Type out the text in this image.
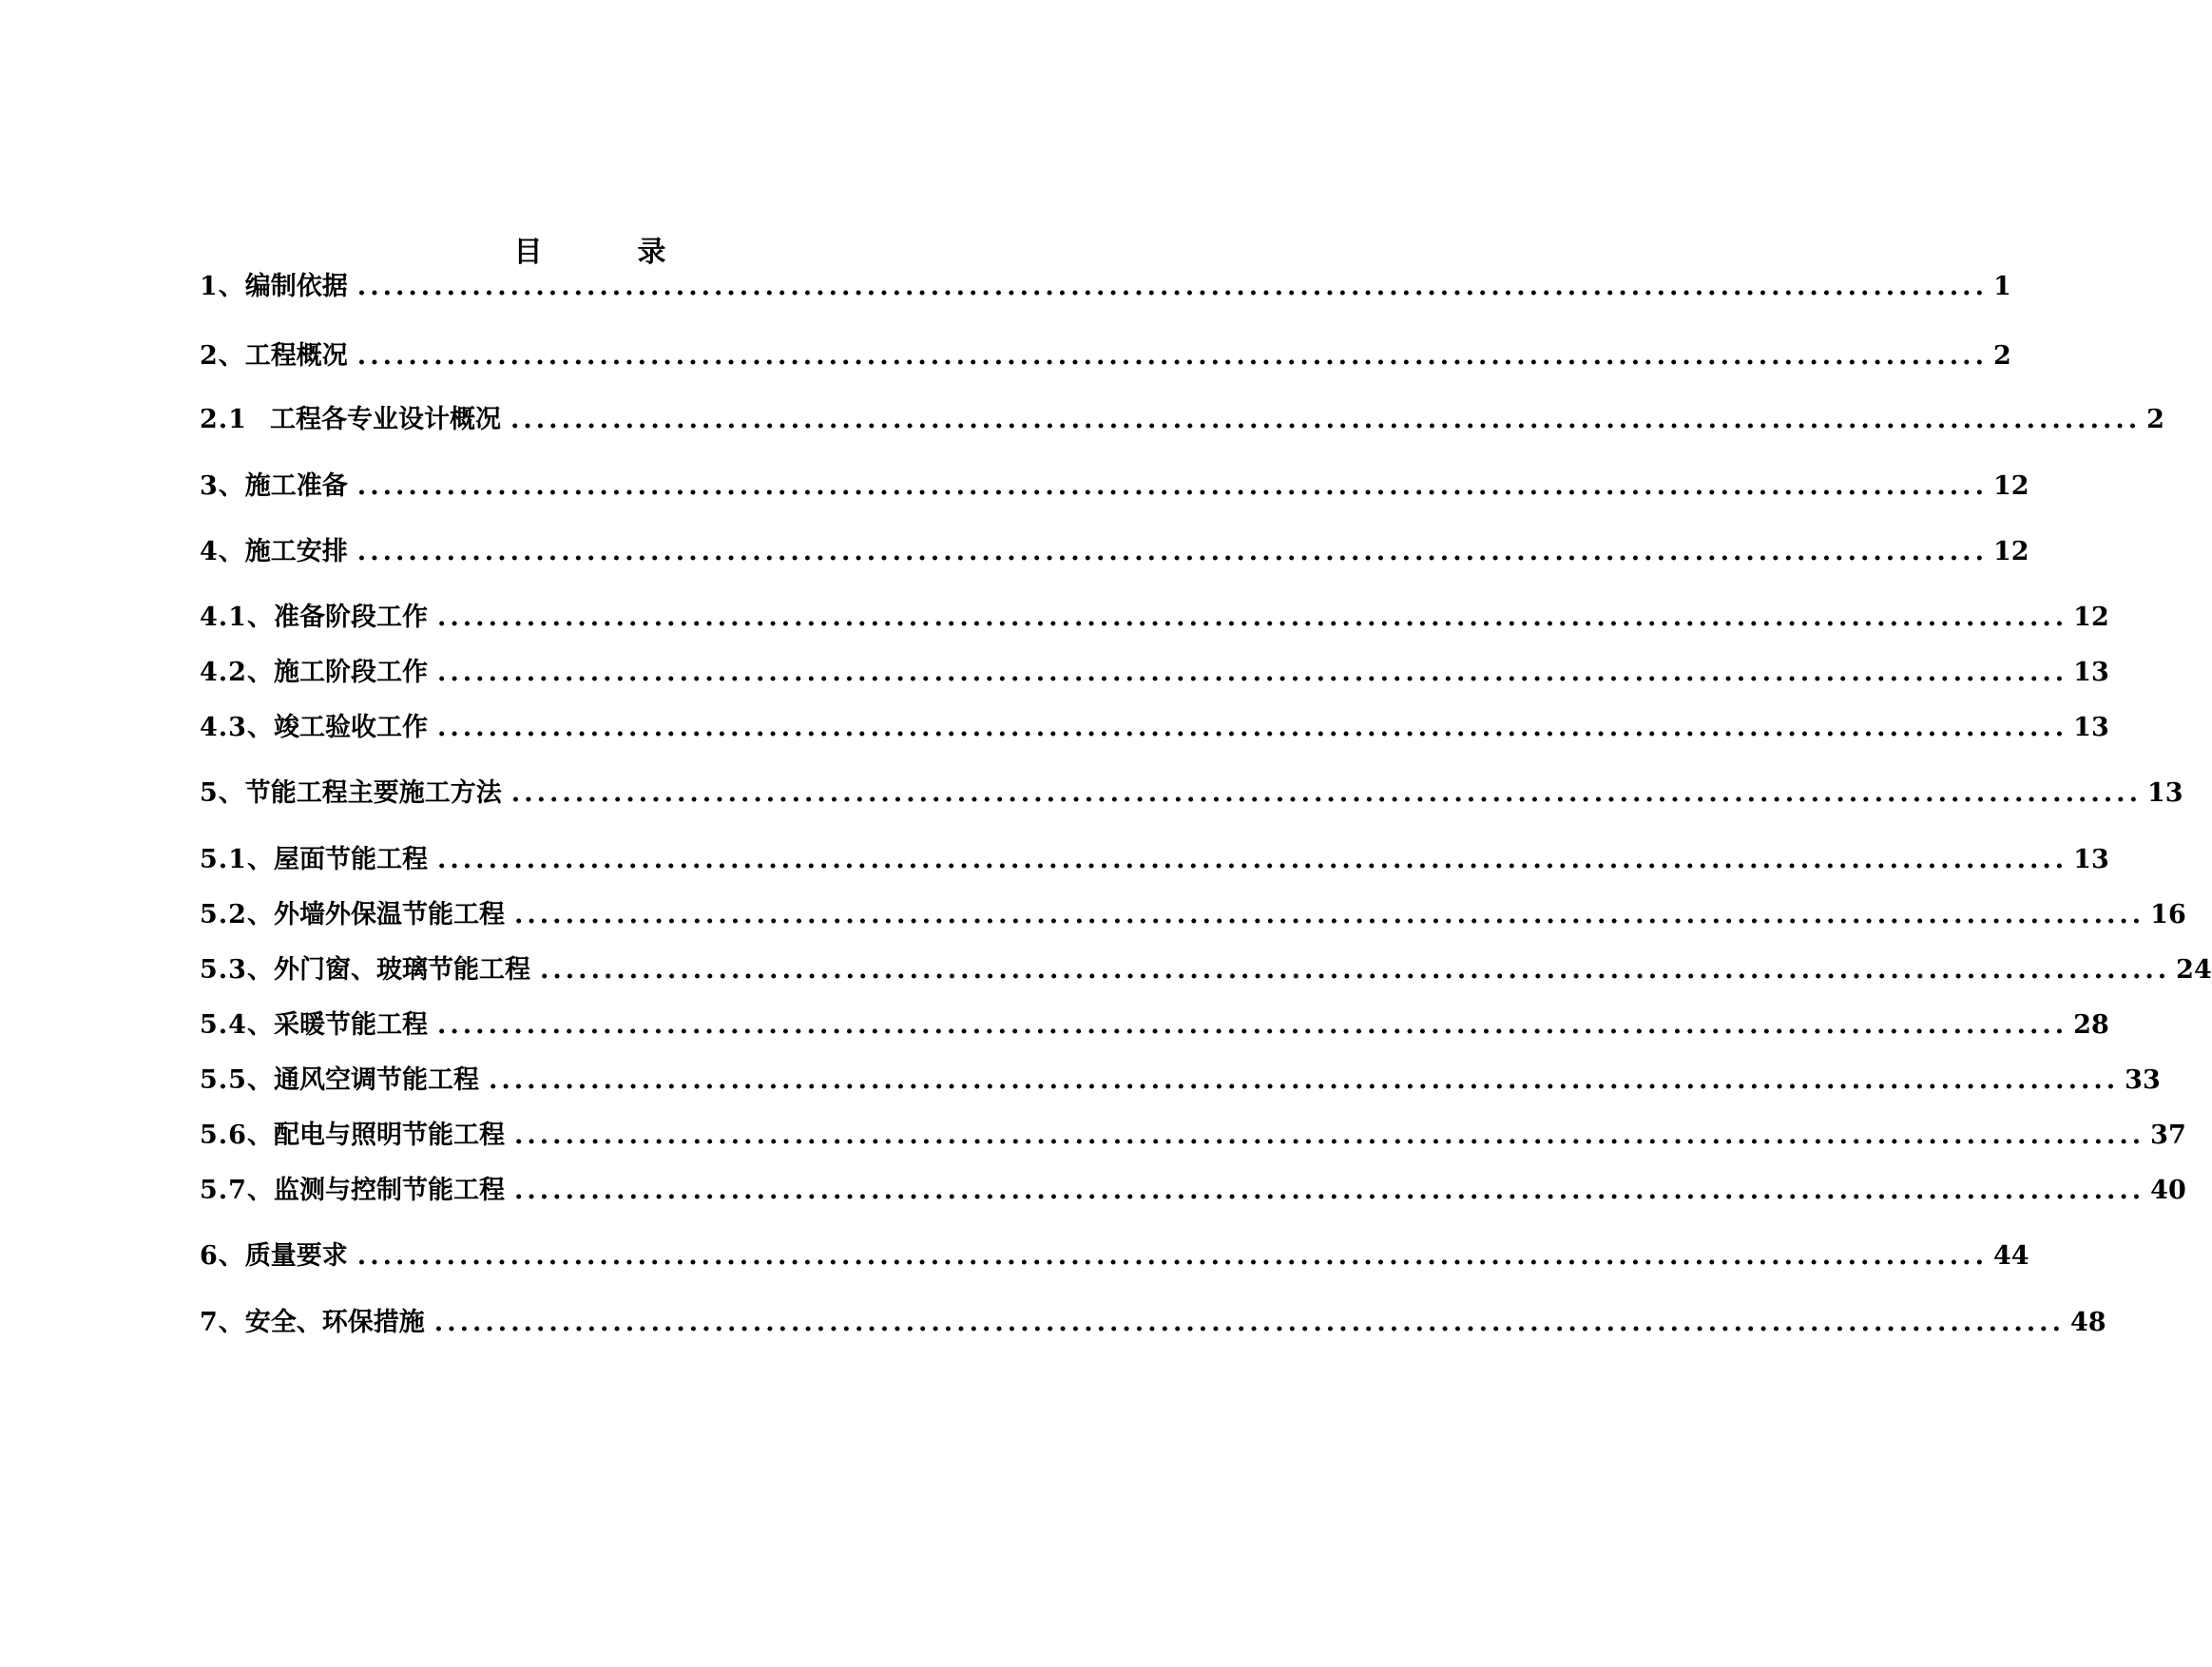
目	录
1、编制依据 ................................................................................................................................ 1
2、工程概况 ................................................................................................................................ 2
2.1 工程各专业设计概况 ................................................................................................................................ 2
3、施工准备 ................................................................................................................................ 12
4、施工安排 ................................................................................................................................ 12
4.1、准备阶段工作 ................................................................................................................................ 12
4.2、施工阶段工作 ................................................................................................................................ 13
4.3、竣工验收工作 ................................................................................................................................ 13
5、节能工程主要施工方法 ................................................................................................................................ 13
5.1、屋面节能工程 ................................................................................................................................ 13
5.2、外墙外保温节能工程 ................................................................................................................................ 16
5.3、外门窗、玻璃节能工程 ................................................................................................................................ 24
5.4、采暖节能工程 ................................................................................................................................ 28
5.5、通风空调节能工程 ................................................................................................................................ 33
5.6、配电与照明节能工程 ................................................................................................................................ 37
5.7、监测与控制节能工程 ................................................................................................................................ 40
6、质量要求 ................................................................................................................................ 44
7、安全、环保措施 ................................................................................................................................ 48
